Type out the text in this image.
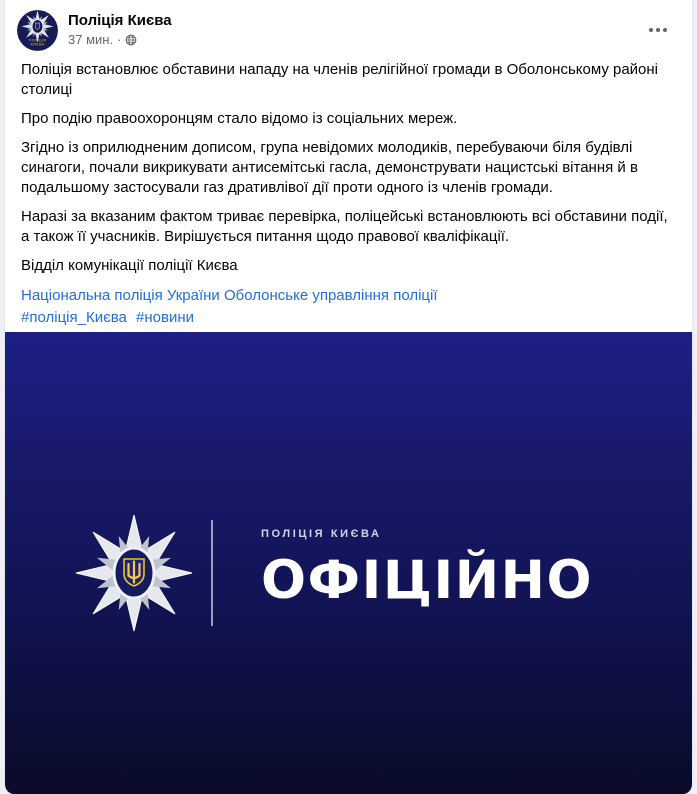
ПОЛІЦІЯ
КИЄВА
Поліція Києва
37 мин. ·

Поліція встановлює обставини нападу на членів релігійної громади в Оболонському районі столиці

Про подію правоохоронцям стало відомо із соціальних мереж.

Згідно із оприлюдненим дописом, група невідомих молодиків, перебуваючи біля будівлі синагоги, почали викрикувати антисемітські гасла, демонструвати нацистські вітання й в подальшому застосували газ дративлівої дії проти одного із членів громади.

Наразі за вказаним фактом триває перевірка, поліцейські встановлюють всі обставини події, а також її учасників. Вирішується питання щодо правової кваліфікації.

Відділ комунікації поліції Києва

Національна поліція України Оболонське управління поліції
#поліція_Києва #новини
ПОЛІЦІЯ КИЄВА
ОФІЦІЙНО
